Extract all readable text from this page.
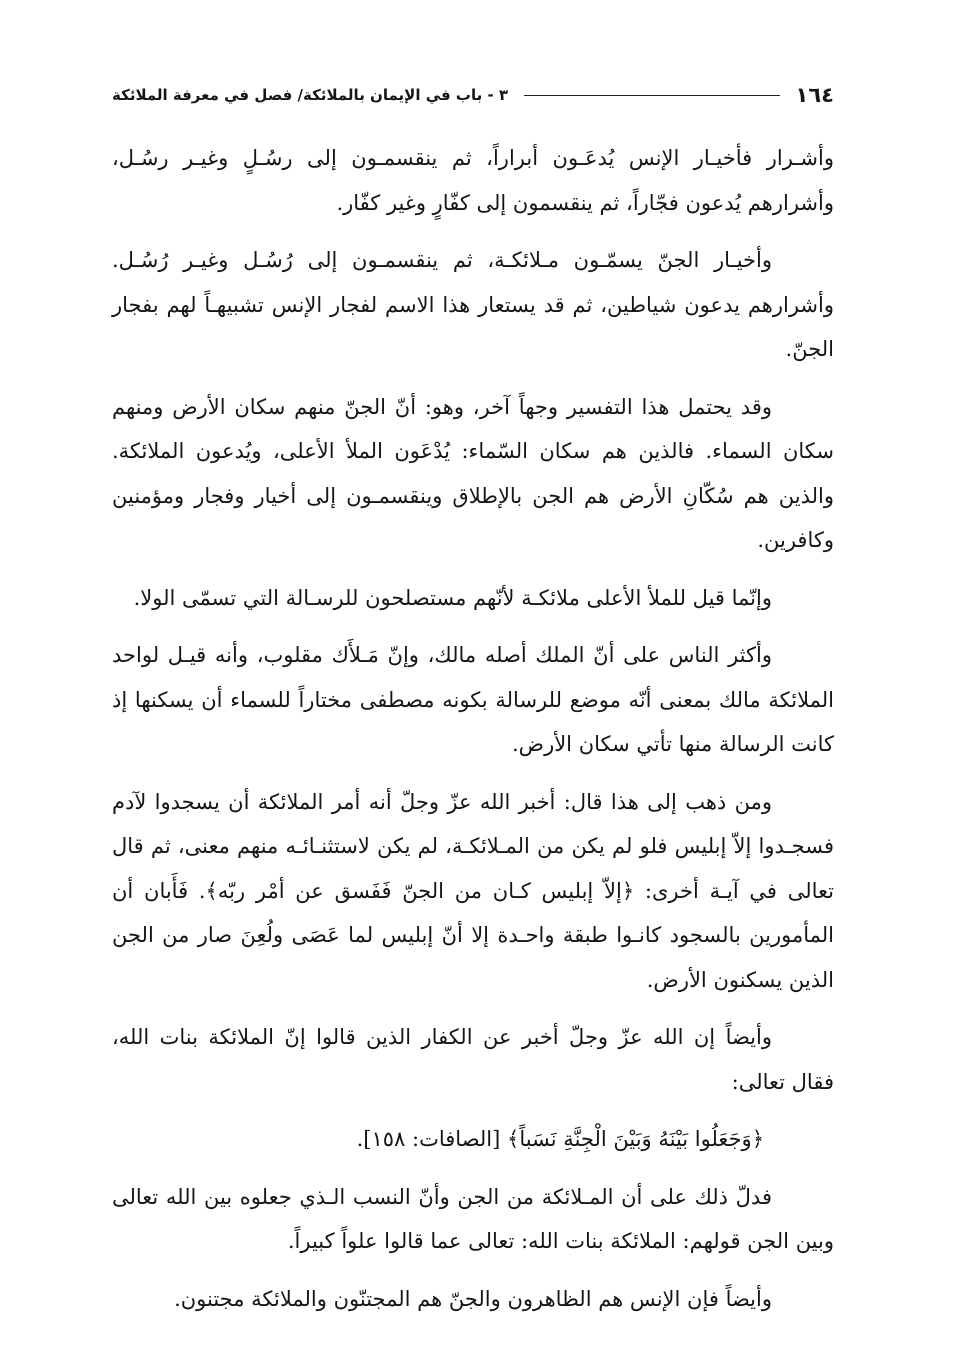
١٦٤
٣ - باب في الإيمان بالملائكة/ فصل في معرفة الملائكة

وأشـرار فأخيـار الإنس يُدعَـون أبراراً، ثم ينقسمـون إلى رسُـلٍ وغيـر رسُـل، وأشرارهم يُدعون فجّاراً، ثم ينقسمون إلى كفّارٍ وغير كفّار.

وأخيـار الجنّ يسمّـون مـلائكـة، ثم ينقسمـون إلى رُسُـل وغيـر رُسُـل. وأشرارهم يدعون شياطين، ثم قد يستعار هذا الاسم لفجار الإنس تشبيهـاً لهم بفجار الجنّ.

وقد يحتمل هذا التفسير وجهاً آخر، وهو: أنّ الجنّ منهم سكان الأرض ومنهم سكان السماء. فالذين هم سكان السّماء: يُدْعَون الملأ الأعلى، ويُدعون الملائكة. والذين هم سُكّانِ الأرض هم الجن بالإطلاق وينقسمـون إلى أخيار وفجار ومؤمنين وكافرين.

وإنّما قيل للملأ الأعلى ملائكـة لأنّهم مستصلحون للرسـالة التي تسمّى الولا.

وأكثر الناس على أنّ الملك أصله مالك، وإنّ مَـلأَك مقلوب، وأنه قيـل لواحد الملائكة مالك بمعنى أنّه موضع للرسالة بكونه مصطفى مختاراً للسماء أن يسكنها إذ كانت الرسالة منها تأتي سكان الأرض.

ومن ذهب إلى هذا قال: أخبر الله عزّ وجلّ أنه أمر الملائكة أن يسجدوا لآدم فسجـدوا إلاّ إبليس فلو لم يكن من المـلائكـة، لم يكن لاستثنـائـه منهم معنى، ثم قال تعالى في آيـة أخرى: ﴿إلاّ إبليس كـان من الجنّ فَفَسق عن أمْر ربّه﴾. فَأَبان أن المأمورين بالسجود كانـوا طبقة واحـدة إلا أنّ إبليس لما عَصَى ولُعِنَ صار من الجن الذين يسكنون الأرض.

وأيضاً إن الله عزّ وجلّ أخبر عن الكفار الذين قالوا إنّ الملائكة بنات الله، فقال تعالى:

﴿وَجَعَلُوا بَيْنَهُ وَبَيْنَ الْجِنَّةِ نَسَباً﴾ [الصافات: ١٥٨].

فدلّ ذلك على أن المـلائكة من الجن وأنّ النسب الـذي جعلوه بين الله تعالى وبين الجن قولهم: الملائكة بنات الله: تعالى عما قالوا علواً كبيراً.

وأيضاً فإن الإنس هم الظاهرون والجنّ هم المجتنّون والملائكة مجتنون.
